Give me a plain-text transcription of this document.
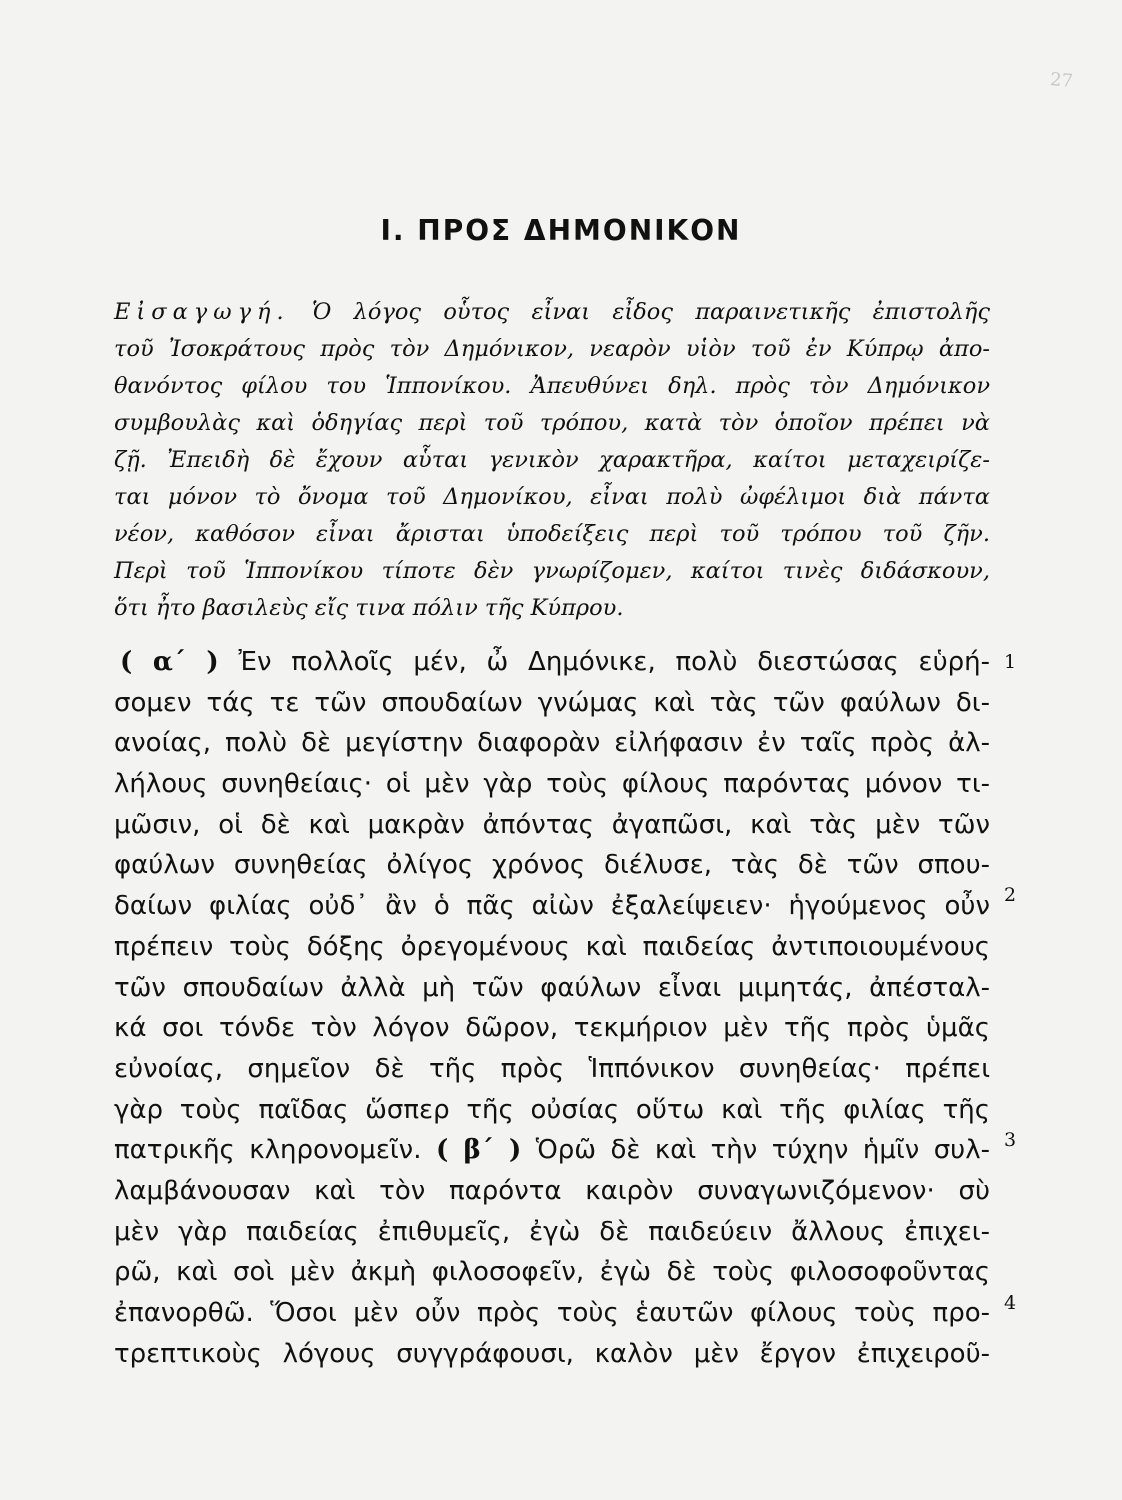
27
Ι. ΠΡΟΣ ΔΗΜΟΝΙΚΟΝ
Εἰσαγωγή. Ὁ λόγος οὗτος εἶναι εἶδος παραινετικῆς ἐπιστολῆς
τοῦ Ἰσοκράτους πρὸς τὸν Δημόνικον, νεαρὸν υἱὸν τοῦ ἐν Κύπρῳ ἀπο-
θανόντος φίλου του Ἱππονίκου. Ἀπευθύνει δηλ. πρὸς τὸν Δημόνικον
συμβουλὰς καὶ ὁδηγίας περὶ τοῦ τρόπου, κατὰ τὸν ὁποῖον πρέπει νὰ
ζῇ. Ἐπειδὴ δὲ ἔχουν αὗται γενικὸν χαρακτῆρα, καίτοι μεταχειρίζε-
ται μόνον τὸ ὄνομα τοῦ Δημονίκου, εἶναι πολὺ ὠφέλιμοι διὰ πάντα
νέον, καθόσον εἶναι ἄρισται ὑποδείξεις περὶ τοῦ τρόπου τοῦ ζῆν.
Περὶ τοῦ Ἱππονίκου τίποτε δὲν γνωρίζομεν, καίτοι τινὲς διδάσκουν,
ὅτι ἦτο βασιλεὺς εἴς τινα πόλιν τῆς Κύπρου.
( α΄ ) Ἐν πολλοῖς μέν, ὦ Δημόνικε, πολὺ διεστώσας εὑρή-
σομεν τάς τε τῶν σπουδαίων γνώμας καὶ τὰς τῶν φαύλων δι-
ανοίας, πολὺ δὲ μεγίστην διαφορὰν εἰλήφασιν ἐν ταῖς πρὸς ἀλ-
λήλους συνηθείαις· οἱ μὲν γὰρ τοὺς φίλους παρόντας μόνον τι-
μῶσιν, οἱ δὲ καὶ μακρὰν ἀπόντας ἀγαπῶσι, καὶ τὰς μὲν τῶν
φαύλων συνηθείας ὀλίγος χρόνος διέλυσε, τὰς δὲ τῶν σπου-
δαίων φιλίας οὐδ᾽ ἂν ὁ πᾶς αἰὼν ἐξαλείψειεν· ἡγούμενος οὖν
πρέπειν τοὺς δόξης ὀρεγομένους καὶ παιδείας ἀντιποιουμένους
τῶν σπουδαίων ἀλλὰ μὴ τῶν φαύλων εἶναι μιμητάς, ἀπέσταλ-
κά σοι τόνδε τὸν λόγον δῶρον, τεκμήριον μὲν τῆς πρὸς ὑμᾶς
εὐνοίας, σημεῖον δὲ τῆς πρὸς Ἱππόνικον συνηθείας· πρέπει
γὰρ τοὺς παῖδας ὥσπερ τῆς οὐσίας οὕτω καὶ τῆς φιλίας τῆς
πατρικῆς κληρονομεῖν. ( β΄ ) Ὁρῶ δὲ καὶ τὴν τύχην ἡμῖν συλ-
λαμβάνουσαν καὶ τὸν παρόντα καιρὸν συναγωνιζόμενον· σὺ
μὲν γὰρ παιδείας ἐπιθυμεῖς, ἐγὼ δὲ παιδεύειν ἄλλους ἐπιχει-
ρῶ, καὶ σοὶ μὲν ἀκμὴ φιλοσοφεῖν, ἐγὼ δὲ τοὺς φιλοσοφοῦντας
ἐπανορθῶ. Ὅσοι μὲν οὖν πρὸς τοὺς ἑαυτῶν φίλους τοὺς προ-
τρεπτικοὺς λόγους συγγράφουσι, καλὸν μὲν ἔργον ἐπιχειροῦ-
1
2
3
4
